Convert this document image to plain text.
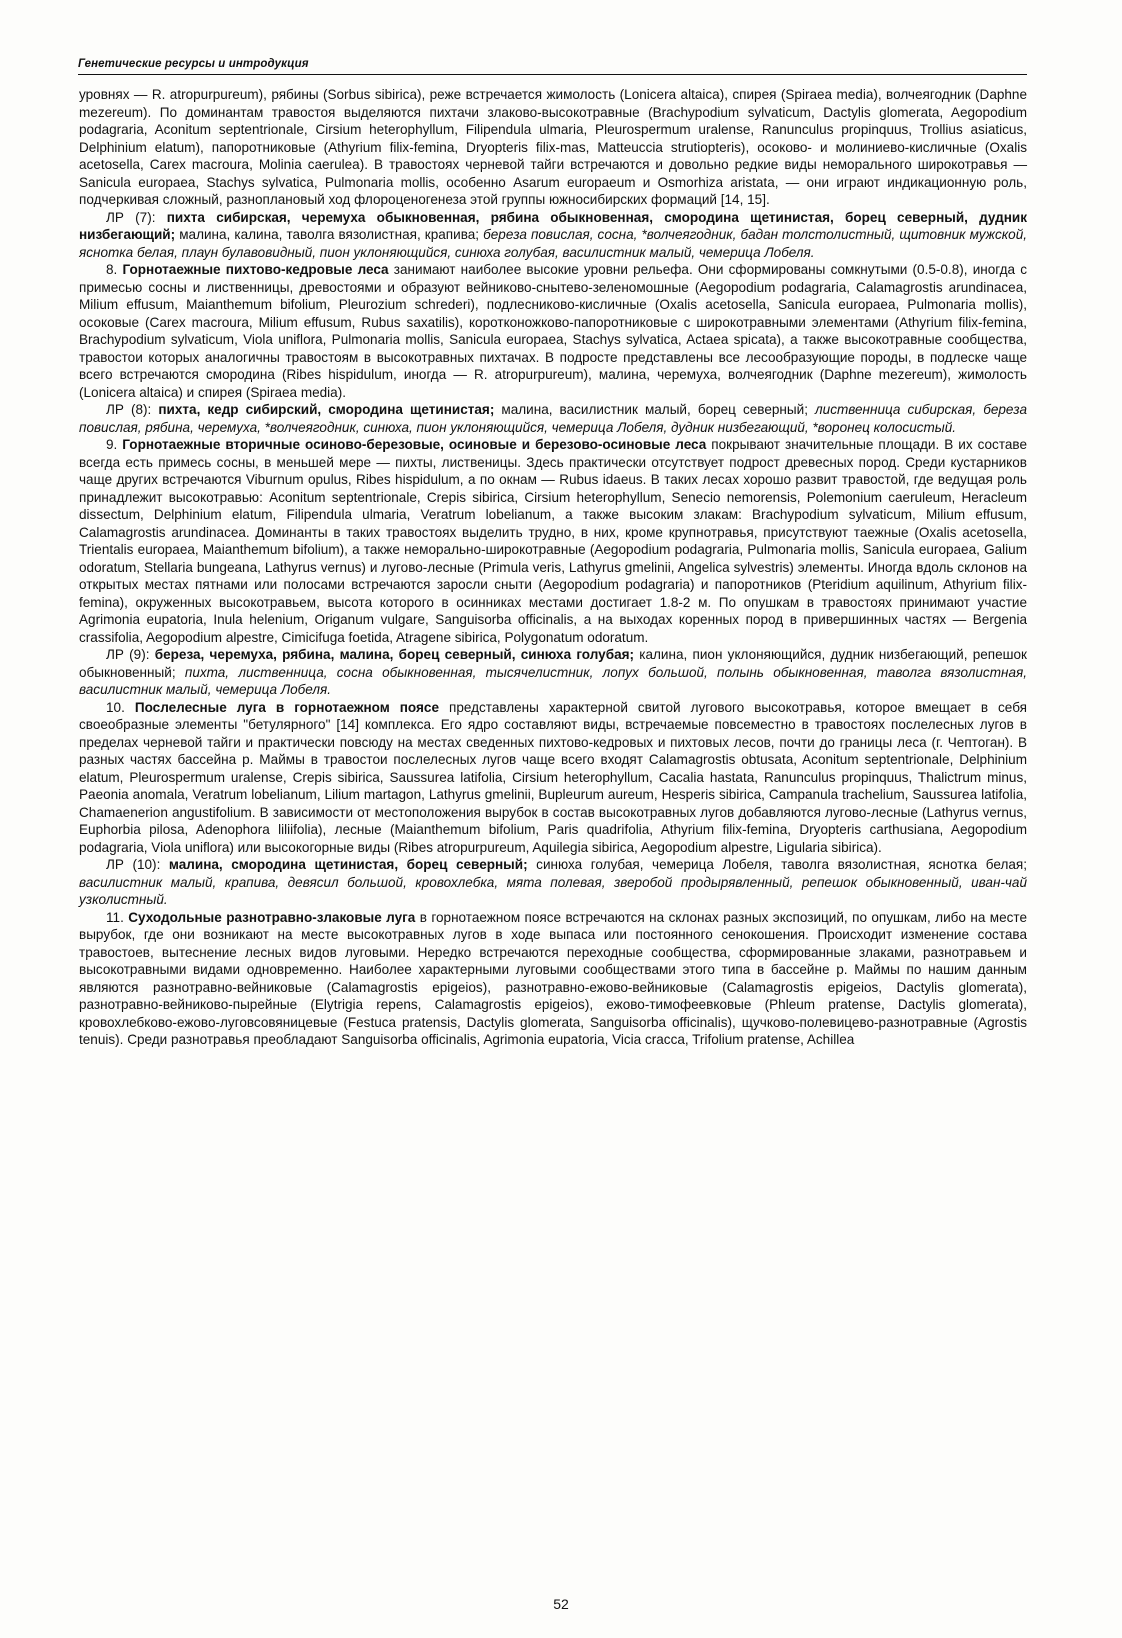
Генетические ресурсы и интродукция

уровнях — R. atropurpureum), рябины (Sorbus sibirica), реже встречается жимолость (Lonicera altaica), спирея (Spiraea media), волчеягодник (Daphne mezereum). По доминантам травостоя выделяются пихтачи злаково-высокотравные (Brachypodium sylvaticum, Dactylis glomerata, Aegopodium podagraria, Aconitum septentrionale, Cirsium heterophyllum, Filipendula ulmaria, Pleurospermum uralense, Ranunculus propinquus, Trollius asiaticus, Delphinium elatum), папоротниковые (Athyrium filix-femina, Dryopteris filix-mas, Matteuccia strutiopteris), осоково- и молиниево-кисличные (Oxalis acetosella, Carex macroura, Molinia caerulea). В травостоях черневой тайги встречаются и довольно редкие виды неморального широкотравья — Sanicula europaea, Stachys sylvatica, Pulmonaria mollis, особенно Asarum europaeum и Osmorhiza aristata, — они играют индикационную роль, подчеркивая сложный, разноплановый ход флороценогенеза этой группы южносибирских формаций [14, 15].

ЛР (7): пихта сибирская, черемуха обыкновенная, рябина обыкновенная, смородина щетинистая, борец северный, дудник низбегающий; малина, калина, таволга вязолистная, крапива; береза повислая, сосна, *волчеягодник, бадан толстолистный, щитовник мужской, яснотка белая, плаун булавовидный, пион уклоняющийся, синюха голубая, василистник малый, чемерица Лобеля.

8. Горнотаежные пихтово-кедровые леса занимают наиболее высокие уровни рельефа. Они сформированы сомкнутыми (0.5-0.8), иногда с примесью сосны и лиственницы, древостоями и образуют вейниково-снытево-зеленомошные (Aegopodium podagraria, Calamagrostis arundinacea, Milium effusum, Maianthemum bifolium, Pleurozium schrederi), подлесниково-кисличные (Oxalis acetosella, Sanicula europaea, Pulmonaria mollis), осоковые (Carex macroura, Milium effusum, Rubus saxatilis), коротконожково-папоротниковые с широкотравными элементами (Athyrium filix-femina, Brachypodium sylvaticum, Viola uniflora, Pulmonaria mollis, Sanicula europaea, Stachys sylvatica, Actaea spicata), а также высокотравные сообщества, травостои которых аналогичны травостоям в высокотравных пихтачах. В подросте представлены все лесообразующие породы, в подлеске чаще всего встречаются смородина (Ribes hispidulum, иногда — R. atropurpureum), малина, черемуха, волчеягодник (Daphne mezereum), жимолость (Lonicera altaica) и спирея (Spiraea media).

ЛР (8): пихта, кедр сибирский, смородина щетинистая; малина, василистник малый, борец северный; лиственница сибирская, береза повислая, рябина, черемуха, *волчеягодник, синюха, пион уклоняющийся, чемерица Лобеля, дудник низбегающий, *воронец колосистый.

9. Горнотаежные вторичные осиново-березовые, осиновые и березово-осиновые леса покрывают значительные площади. В их составе всегда есть примесь сосны, в меньшей мере — пихты, лиственицы. Здесь практически отсутствует подрост древесных пород. Среди кустарников чаще других встречаются Viburnum opulus, Ribes hispidulum, а по окнам — Rubus idaeus. В таких лесах хорошо развит травостой, где ведущая роль принадлежит высокотравью: Aconitum septentrionale, Crepis sibirica, Cirsium heterophyllum, Senecio nemorensis, Polemonium caeruleum, Heracleum dissectum, Delphinium elatum, Filipendula ulmaria, Veratrum lobelianum, а также высоким злакам: Brachypodium sylvaticum, Milium effusum, Calamagrostis arundinacea. Доминанты в таких травостоях выделить трудно, в них, кроме крупнотравья, присутствуют таежные (Oxalis acetosella, Trientalis europaea, Maianthemum bifolium), а также неморально-широкотравные (Aegopodium podagraria, Pulmonaria mollis, Sanicula europaea, Galium odoratum, Stellaria bungeana, Lathyrus vernus) и лугово-лесные (Primula veris, Lathyrus gmelinii, Angelica sylvestris) элементы. Иногда вдоль склонов на открытых местах пятнами или полосами встречаются заросли сныти (Aegopodium podagraria) и папоротников (Pteridium aquilinum, Athyrium filix-femina), окруженных высокотравьем, высота которого в осинниках местами достигает 1.8-2 м. По опушкам в травостоях принимают участие Agrimonia eupatoria, Inula helenium, Origanum vulgare, Sanguisorba officinalis, а на выходах коренных пород в привершинных частях — Bergenia crassifolia, Aegopodium alpestre, Cimicifuga foetida, Atragene sibirica, Polygonatum odoratum.

ЛР (9): береза, черемуха, рябина, малина, борец северный, синюха голубая; калина, пион уклоняющийся, дудник низбегающий, репешок обыкновенный; пихта, лиственница, сосна обыкновенная, тысячелистник, лопух большой, полынь обыкновенная, таволга вязолистная, василистник малый, чемерица Лобеля.

10. Послелесные луга в горнотаежном поясе представлены характерной свитой лугового высокотравья, которое вмещает в себя своеобразные элементы "бетулярного" [14] комплекса. Его ядро составляют виды, встречаемые повсеместно в травостоях послелесных лугов в пределах черневой тайги и практически повсюду на местах сведенных пихтово-кедровых и пихтовых лесов, почти до границы леса (г. Чептоган). В разных частях бассейна р. Маймы в травостои послелесных лугов чаще всего входят Calamagrostis obtusata, Aconitum septentrionale, Delphinium elatum, Pleurospermum uralense, Crepis sibirica, Saussurea latifolia, Cirsium heterophyllum, Cacalia hastata, Ranunculus propinquus, Thalictrum minus, Paeonia anomala, Veratrum lobelianum, Lilium martagon, Lathyrus gmelinii, Bupleurum aureum, Hesperis sibirica, Campanula trachelium, Saussurea latifolia, Chamaenerion angustifolium. В зависимости от местоположения вырубок в состав высокотравных лугов добавляются лугово-лесные (Lathyrus vernus, Euphorbia pilosa, Adenophora liliifolia), лесные (Maianthemum bifolium, Paris quadrifolia, Athyrium filix-femina, Dryopteris carthusiana, Aegopodium podagraria, Viola uniflora) или высокогорные виды (Ribes atropurpureum, Aquilegia sibirica, Aegopodium alpestre, Ligularia sibirica).

ЛР (10): малина, смородина щетинистая, борец северный; синюха голубая, чемерица Лобеля, таволга вязолистная, яснотка белая; василистник малый, крапива, девясил большой, кровохлебка, мята полевая, зверобой продырявленный, репешок обыкновенный, иван-чай узколистный.

11. Суходольные разнотравно-злаковые луга в горнотаежном поясе встречаются на склонах разных экспозиций, по опушкам, либо на месте вырубок, где они возникают на месте высокотравных лугов в ходе выпаса или постоянного сенокошения. Происходит изменение состава травостоев, вытеснение лесных видов луговыми. Нередко встречаются переходные сообщества, сформированные злаками, разнотравьем и высокотравными видами одновременно. Наиболее характерными луговыми сообществами этого типа в бассейне р. Маймы по нашим данным являются разнотравно-вейниковые (Calamagrostis epigeios), разнотравно-ежово-вейниковые (Calamagrostis epigeios, Dactylis glomerata), разнотравно-вейниково-пырейные (Elytrigia repens, Calamagrostis epigeios), ежово-тимофеевковые (Phleum pratense, Dactylis glomerata), кровохлебково-ежово-луговсовяницевые (Festuca pratensis, Dactylis glomerata, Sanguisorba officinalis), щучково-полевицево-разнотравные (Agrostis tenuis). Среди разнотравья преобладают Sanguisorba officinalis, Agrimonia eupatoria, Vicia cracca, Trifolium pratense, Achillea

52
